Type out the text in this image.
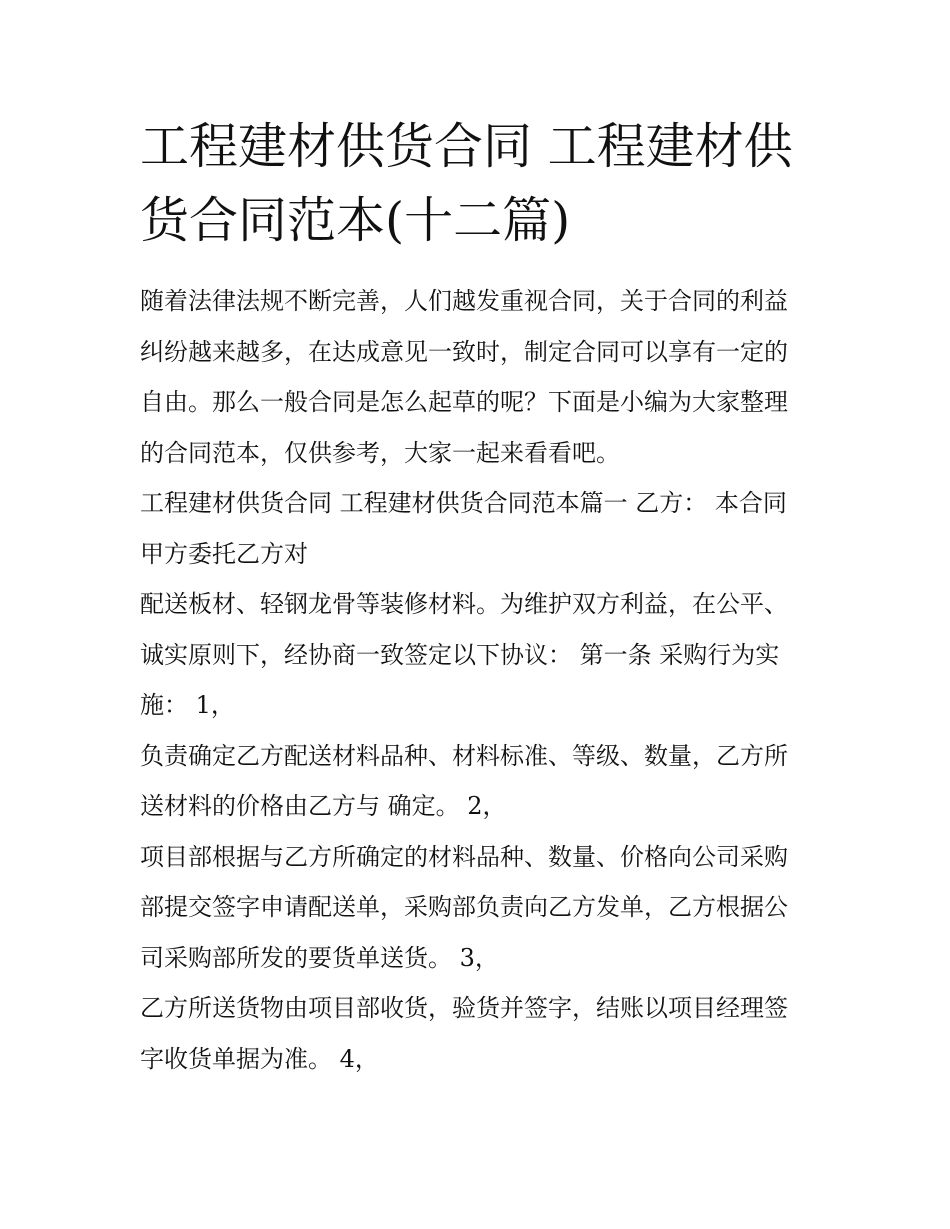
工程建材供货合同 工程建材供
货合同范本(十二篇)

随着法律法规不断完善，人们越发重视合同，关于合同的利益
纠纷越来越多，在达成意见一致时，制定合同可以享有一定的
自由。那么一般合同是怎么起草的呢？下面是小编为大家整理
的合同范本，仅供参考，大家一起来看看吧。

工程建材供货合同 工程建材供货合同范本篇一 乙方： 本合同
甲方委托乙方对

配送板材、轻钢龙骨等装修材料。为维护双方利益，在公平、
诚实原则下，经协商一致签定以下协议： 第一条 采购行为实
施： 1，

负责确定乙方配送材料品种、材料标准、等级、数量，乙方所
送材料的价格由乙方与 确定。 2，

项目部根据与乙方所确定的材料品种、数量、价格向公司采购
部提交签字申请配送单，采购部负责向乙方发单，乙方根据公
司采购部所发的要货单送货。 3，

乙方所送货物由项目部收货，验货并签字，结账以项目经理签
字收货单据为准。 4，
